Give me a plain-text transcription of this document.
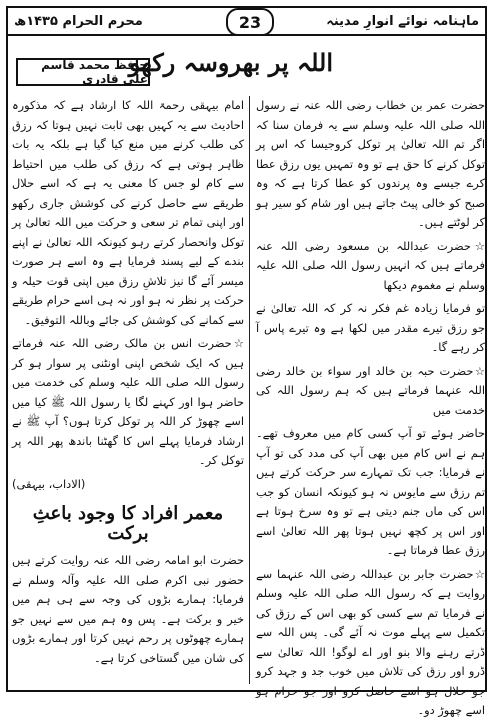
ماہنامہ نوائے انوارِ مدینہ
محرم الحرام ۱۴۳۵ھ	23
اللہ پر بھروسہ رکھو
حافظ محمد قاسم علی قادری

حضرت عمر بن خطاب رضی اللہ عنہ نے رسول اللہ صلی اللہ علیہ وسلم سے یہ فرمان سنا کہ اگر تم اللہ تعالیٰ پر توکل کروجیسا کہ اس پر توکل کرنے کا حق ہے تو وہ تمہیں یوں رزق عطا کرے جیسے وہ پرندوں کو عطا کرتا ہے کہ وہ صبح کو خالی پیٹ جاتے ہیں اور شام کو سیر ہو کر لوٹتے ہیں۔

☆حضرت عبداللہ بن مسعود رضی اللہ عنہ فرماتے ہیں کہ انہیں رسول اللہ صلی اللہ علیہ وسلم نے مغموم دیکھا

تو فرمایا زیادہ غم فکر نہ کر کہ اللہ تعالیٰ نے جو رزق تیرے مقدر میں لکھا ہے وہ تیرے پاس آ کر رہے گا۔

☆حضرت حبہ بن خالد اور سواء بن خالد رضی اللہ عنہما فرماتے ہیں کہ ہم رسول اللہ کی خدمت میں

حاضر ہوئے تو آپ کسی کام میں معروف تھے۔ ہم نے اس کام میں بھی آپ کی مدد کی تو آپ نے فرمایا: جب تک تمہارے سر حرکت کرتے ہیں تم رزق سے مایوس نہ ہو کیونکہ انسان کو جب اس کی ماں جنم دیتی ہے تو وہ سرخ ہوتا ہے اور اس پر کچھ نہیں ہوتا پھر اللہ تعالیٰ اسے رزق عطا فرماتا ہے۔

☆حضرت جابر بن عبداللہ رضی اللہ عنہما سے روایت ہے کہ رسول اللہ صلی اللہ علیہ وسلم نے فرمایا تم سے کسی کو بھی اس کے رزق کی تکمیل سے پہلے موت نہ آئے گی۔ پس اللہ سے ڈرتے رہنے والا بنو اور اے لوگو! اللہ تعالیٰ سے ڈرو اور رزق کی تلاش میں خوب جد و جہد کرو جو حلال ہو اسے حاصل کرو اور جو حرام ہو اسے چھوڑ دو۔

امام بیہقی رحمۃ اللہ کا ارشاد ہے کہ مذکورہ احادیث سے یہ کہیں بھی ثابت نہیں ہوتا کہ رزق کی طلب کرنے میں منع کیا گیا ہے بلکہ یہ بات ظاہر ہوتی ہے کہ رزق کی طلب میں احتیاط سے کام لو جس کا معنی یہ ہے کہ اسے حلال طریقے سے حاصل کرنے کی کوشش جاری رکھو اور اپنی تمام تر سعی و حرکت میں اللہ تعالیٰ پر توکل وانحصار کرتے رہو کیونکہ اللہ تعالیٰ نے اپنے بندے کے لیے پسند فرمایا ہے وہ اسے ہر صورت میسر آئے گا نیز تلاشِ رزق میں اپنی قوت حیلہ و حرکت پر نظر نہ ہو اور نہ ہی اسے حرام طریقے سے کمانے کی کوشش کی جائے وباللہ التوفیق۔

☆حضرت انس بن مالک رضی اللہ عنہ فرماتے ہیں کہ ایک شخص اپنی اونٹنی پر سوار ہو کر رسول اللہ صلی اللہ علیہ وسلم کی خدمت میں حاضر ہوا اور کہنے لگا یا رسول اللہ ﷺ کیا میں اسے چھوڑ کر اللہ پر توکل کرتا ہوں؟ آپ ﷺ نے ارشاد فرمایا پہلے اس کا گھٹنا باندھ پھر اللہ پر توکل کر۔

(الاداب، بیہقی)
معمر افراد کا وجود باعثِ برکت

حضرت ابو امامہ رضی اللہ عنہ روایت کرتے ہیں حضور نبی اکرم صلی اللہ علیہ وآلہ وسلم نے فرمایا: ہمارے بڑوں کی وجہ سے ہی ہم میں خیر و برکت ہے۔ پس وہ ہم میں سے نہیں جو ہمارے چھوٹوں پر رحم نہیں کرتا اور ہمارے بڑوں کی شان میں گستاخی کرتا ہے۔
